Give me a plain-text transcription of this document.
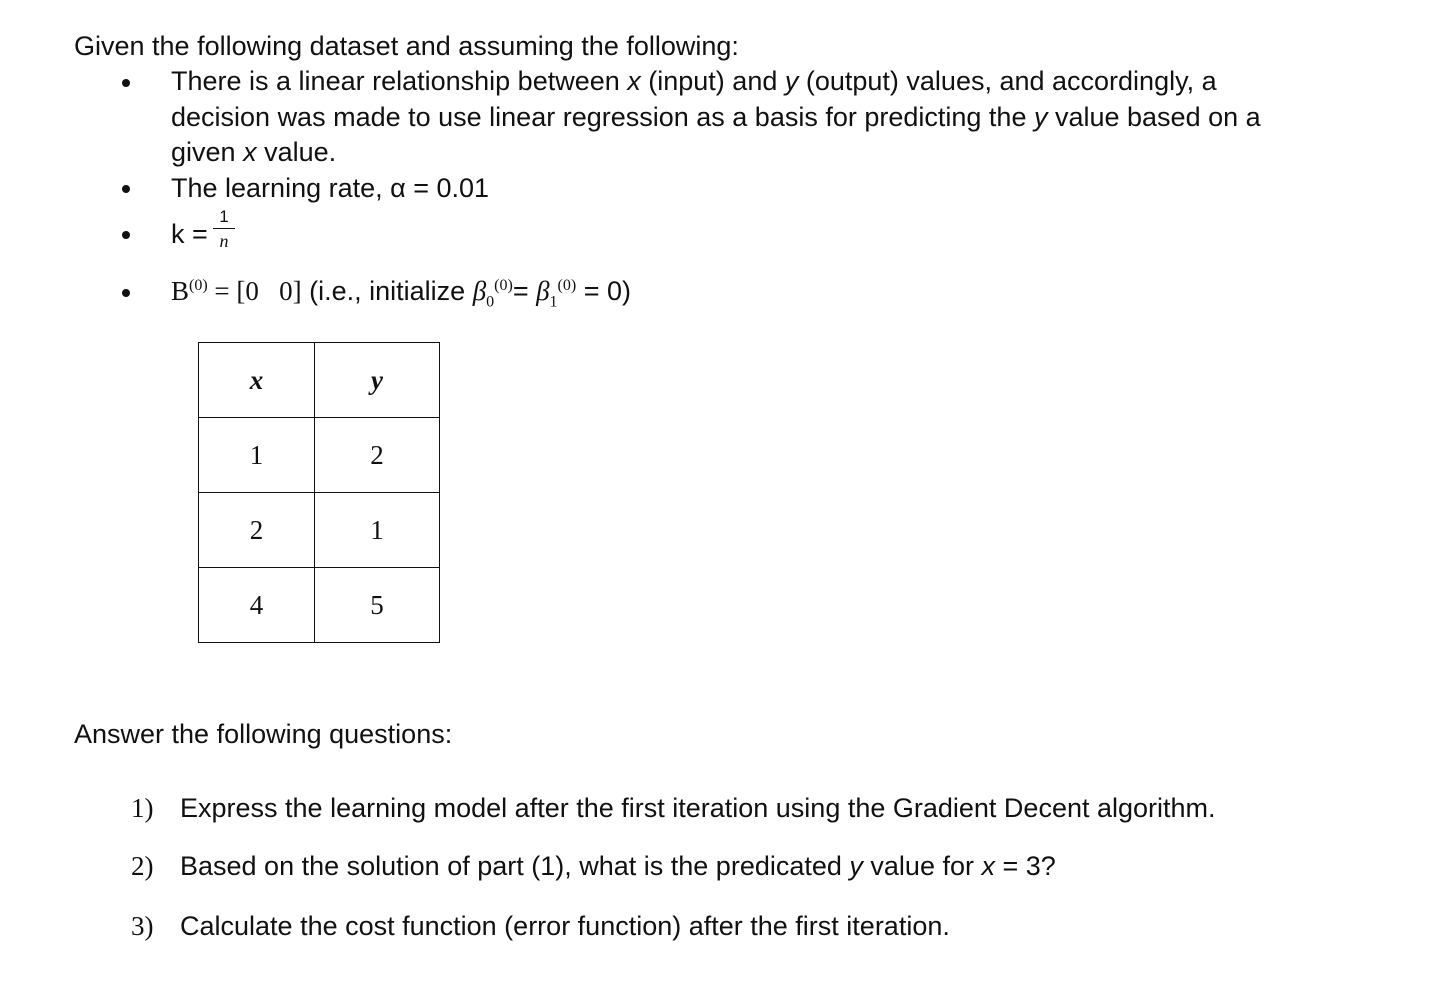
Given the following dataset and assuming the following:
There is a linear relationship between x (input) and y (output) values, and accordingly, a
decision was made to use linear regression as a basis for predicting the y value based on a
given x value.
The learning rate, α = 0.01
k =
1
n
$B^{(0)} = [0$   0] (i.e., initialize $\beta_0^{(0)}= \beta_1^{(0)} = 0$)
x	y
1	2
2	1
4	5
Answer the following questions:
1) Express the learning model after the first iteration using the Gradient Decent algorithm.
2) Based on the solution of part (1), what is the predicated y value for x = 3?
3) Calculate the cost function (error function) after the first iteration.
